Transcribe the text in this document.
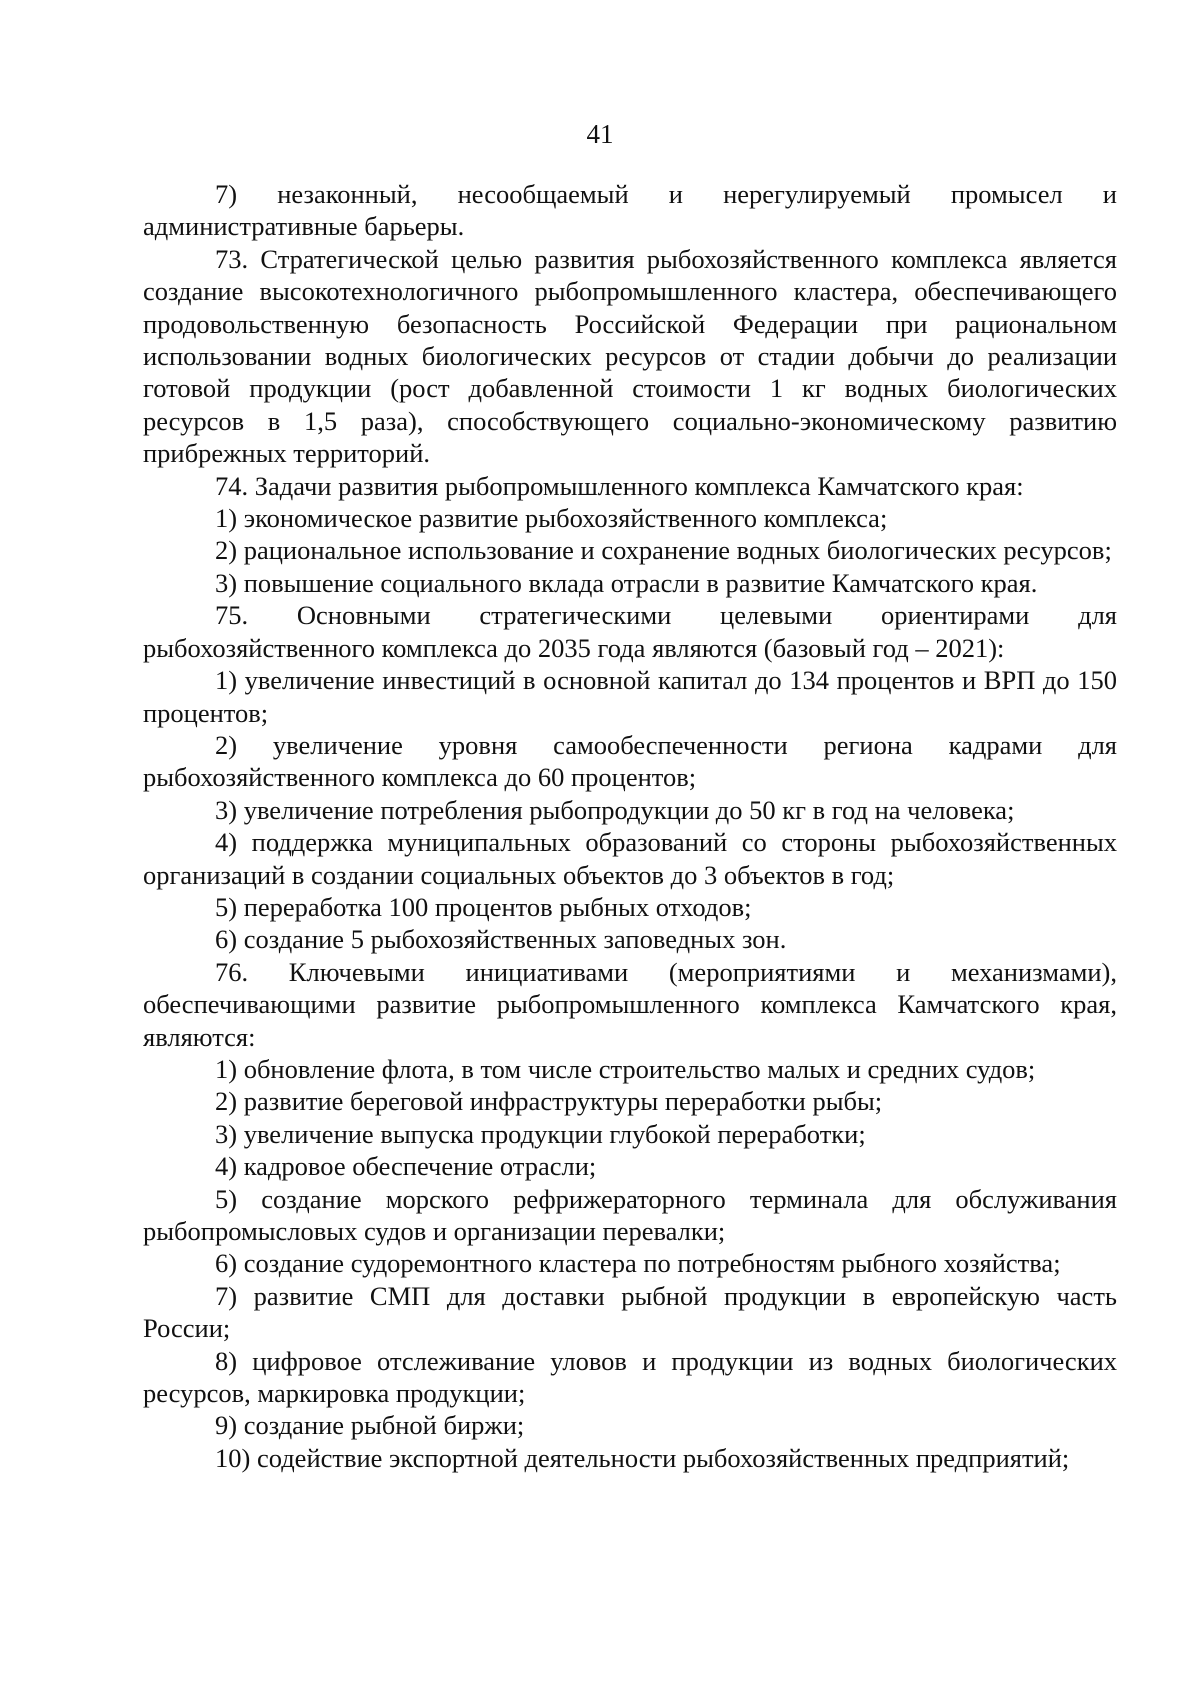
41

7) незаконный, несообщаемый и нерегулируемый промысел и административные барьеры.

73. Стратегической целью развития рыбохозяйственного комплекса является создание высокотехнологичного рыбопромышленного кластера, обеспечивающего продовольственную безопасность Российской Федерации при рациональном использовании водных биологических ресурсов от стадии добычи до реализации готовой продукции (рост добавленной стоимости 1 кг водных биологических ресурсов в 1,5 раза), способствующего социально-экономическому развитию прибрежных территорий.

74. Задачи развития рыбопромышленного комплекса Камчатского края:

1) экономическое развитие рыбохозяйственного комплекса;

2) рациональное использование и сохранение водных биологических ресурсов;

3) повышение социального вклада отрасли в развитие Камчатского края.

75. Основными стратегическими целевыми ориентирами для рыбохозяйственного комплекса до 2035 года являются (базовый год – 2021):

1) увеличение инвестиций в основной капитал до 134 процентов и ВРП до 150 процентов;

2) увеличение уровня самообеспеченности региона кадрами для рыбохозяйственного комплекса до 60 процентов;

3) увеличение потребления рыбопродукции до 50 кг в год на человека;

4) поддержка муниципальных образований со стороны рыбохозяйственных организаций в создании социальных объектов до 3 объектов в год;

5) переработка 100 процентов рыбных отходов;

6) создание 5 рыбохозяйственных заповедных зон.

76. Ключевыми инициативами (мероприятиями и механизмами), обеспечивающими развитие рыбопромышленного комплекса Камчатского края, являются:

1) обновление флота, в том числе строительство малых и средних судов;

2) развитие береговой инфраструктуры переработки рыбы;

3) увеличение выпуска продукции глубокой переработки;

4) кадровое обеспечение отрасли;

5) создание морского рефрижераторного терминала для обслуживания рыбопромысловых судов и организации перевалки;

6) создание судоремонтного кластера по потребностям рыбного хозяйства;

7) развитие СМП для доставки рыбной продукции в европейскую часть России;

8) цифровое отслеживание уловов и продукции из водных биологических ресурсов, маркировка продукции;

9) создание рыбной биржи;

10) содействие экспортной деятельности рыбохозяйственных предприятий;
